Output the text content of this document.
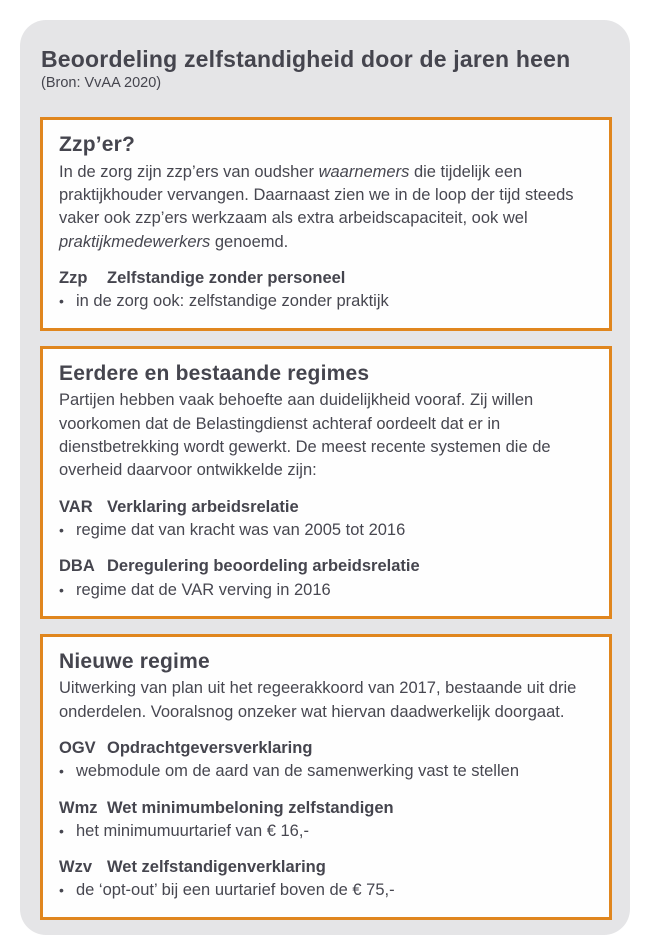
Beoordeling zelfstandigheid door de jaren heen
(Bron: VvAA 2020)
Zzp’er?

In de zorg zijn zzp’ers van oudsher waarnemers die tijdelijk een praktijkhouder vervangen. Daarnaast zien we in de loop der tijd steeds vaker ook zzp’ers werkzaam als extra arbeidscapaciteit, ook wel praktijkmedewerkers genoemd.

Zzp	Zelfstandige zonder personeel
• in de zorg ook: zelfstandige zonder praktijk
Eerdere en bestaande regimes

Partijen hebben vaak behoefte aan duidelijkheid vooraf. Zij willen voorkomen dat de Belastingdienst achteraf oordeelt dat er in dienstbetrekking wordt gewerkt. De meest recente systemen die de overheid daarvoor ontwikkelde zijn:

VAR Verklaring arbeidsrelatie
• regime dat van kracht was van 2005 tot 2016
DBA Deregulering beoordeling arbeidsrelatie
• regime dat de VAR verving in 2016
Nieuwe regime

Uitwerking van plan uit het regeerakkoord van 2017, bestaande uit drie onderdelen. Vooralsnog onzeker wat hiervan daadwerkelijk doorgaat.

OGV Opdrachtgeversverklaring
• webmodule om de aard van de samenwerking vast te stellen
Wmz Wet minimumbeloning zelfstandigen
• het minimumuurtarief van € 16,-
Wzv Wet zelfstandigenverklaring
• de ‘opt-out’ bij een uurtarief boven de € 75,-
